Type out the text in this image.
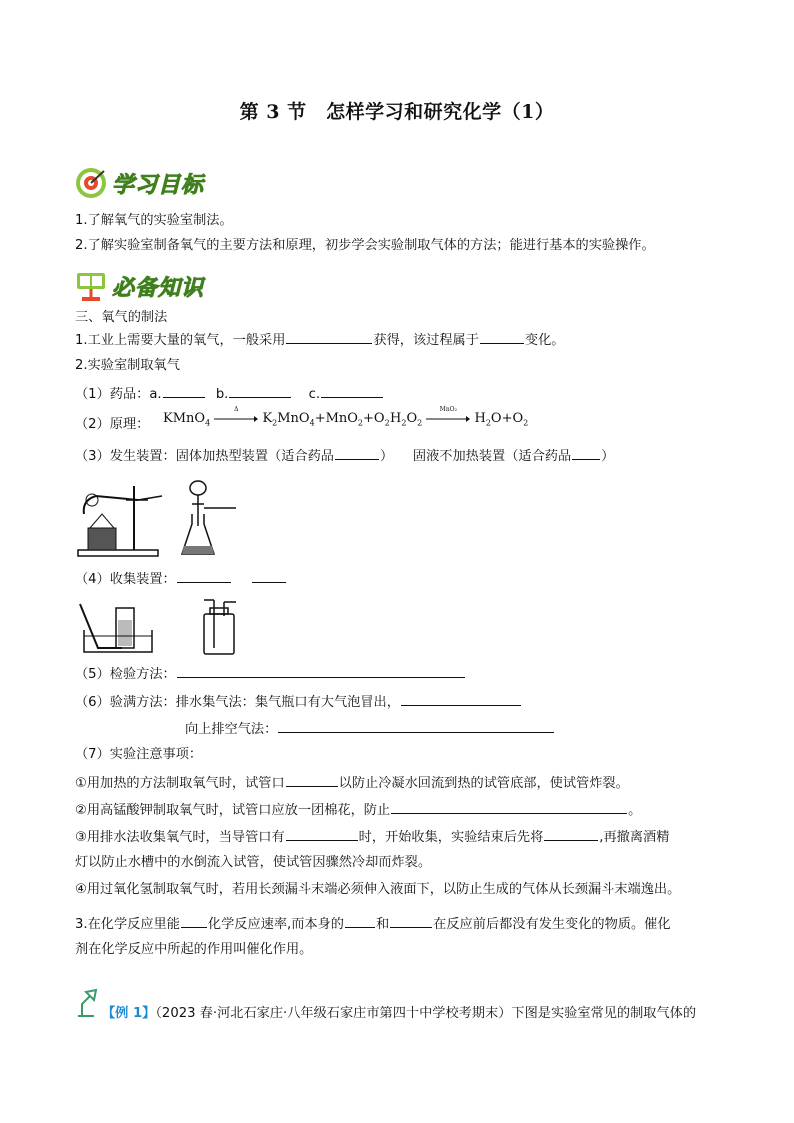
第 3 节　怎样学习和研究化学（1）
学习目标
1.了解氧气的实验室制法。
2.了解实验室制备氧气的主要方法和原理，初步学会实验制取气体的方法；能进行基本的实验操作。
必备知识
三、氧气的制法
1.工业上需要大量的氧气，一般采用	获得，该过程属于	变化。
2.实验室制取氧气
（1）药品：a.	b.	c.
（2）原理： KMnO$_4$
Δ
$K_2MnO_4+MnO_2+O_2$ $H_2O_2$
MnO₂
$H_2O+O_2$
（3）发生装置：固体加热型装置（适合药品	）　　固液不加热装置（适合药品 ）
（4）收集装置：
（5）检验方法：
（6）验满方法：排水集气法：集气瓶口有大气泡冒出，
向上排空气法：
（7）实验注意事项：
①用加热的方法制取氧气时，试管口	以防止冷凝水回流到热的试管底部，使试管炸裂。
②用高锰酸钾制取氧气时，试管口应放一团棉花，防止	。
③用排水法收集氧气时，当导管口有	时，开始收集，实验结束后先将	,再撤离酒精
灯以防止水槽中的水倒流入试管，使试管因骤然冷却而炸裂。
④用过氧化氢制取氧气时，若用长颈漏斗末端必须伸入液面下，以防止生成的气体从长颈漏斗末端逸出。
3.在化学反应里能 化学反应速率,而本身的 和	在反应前后都没有发生变化的物质。催化
剂在化学反应中所起的作用叫催化作用。
【例 1】（2023 春·河北石家庄·八年级石家庄市第四十中学校考期末）下图是实验室常见的制取气体的
